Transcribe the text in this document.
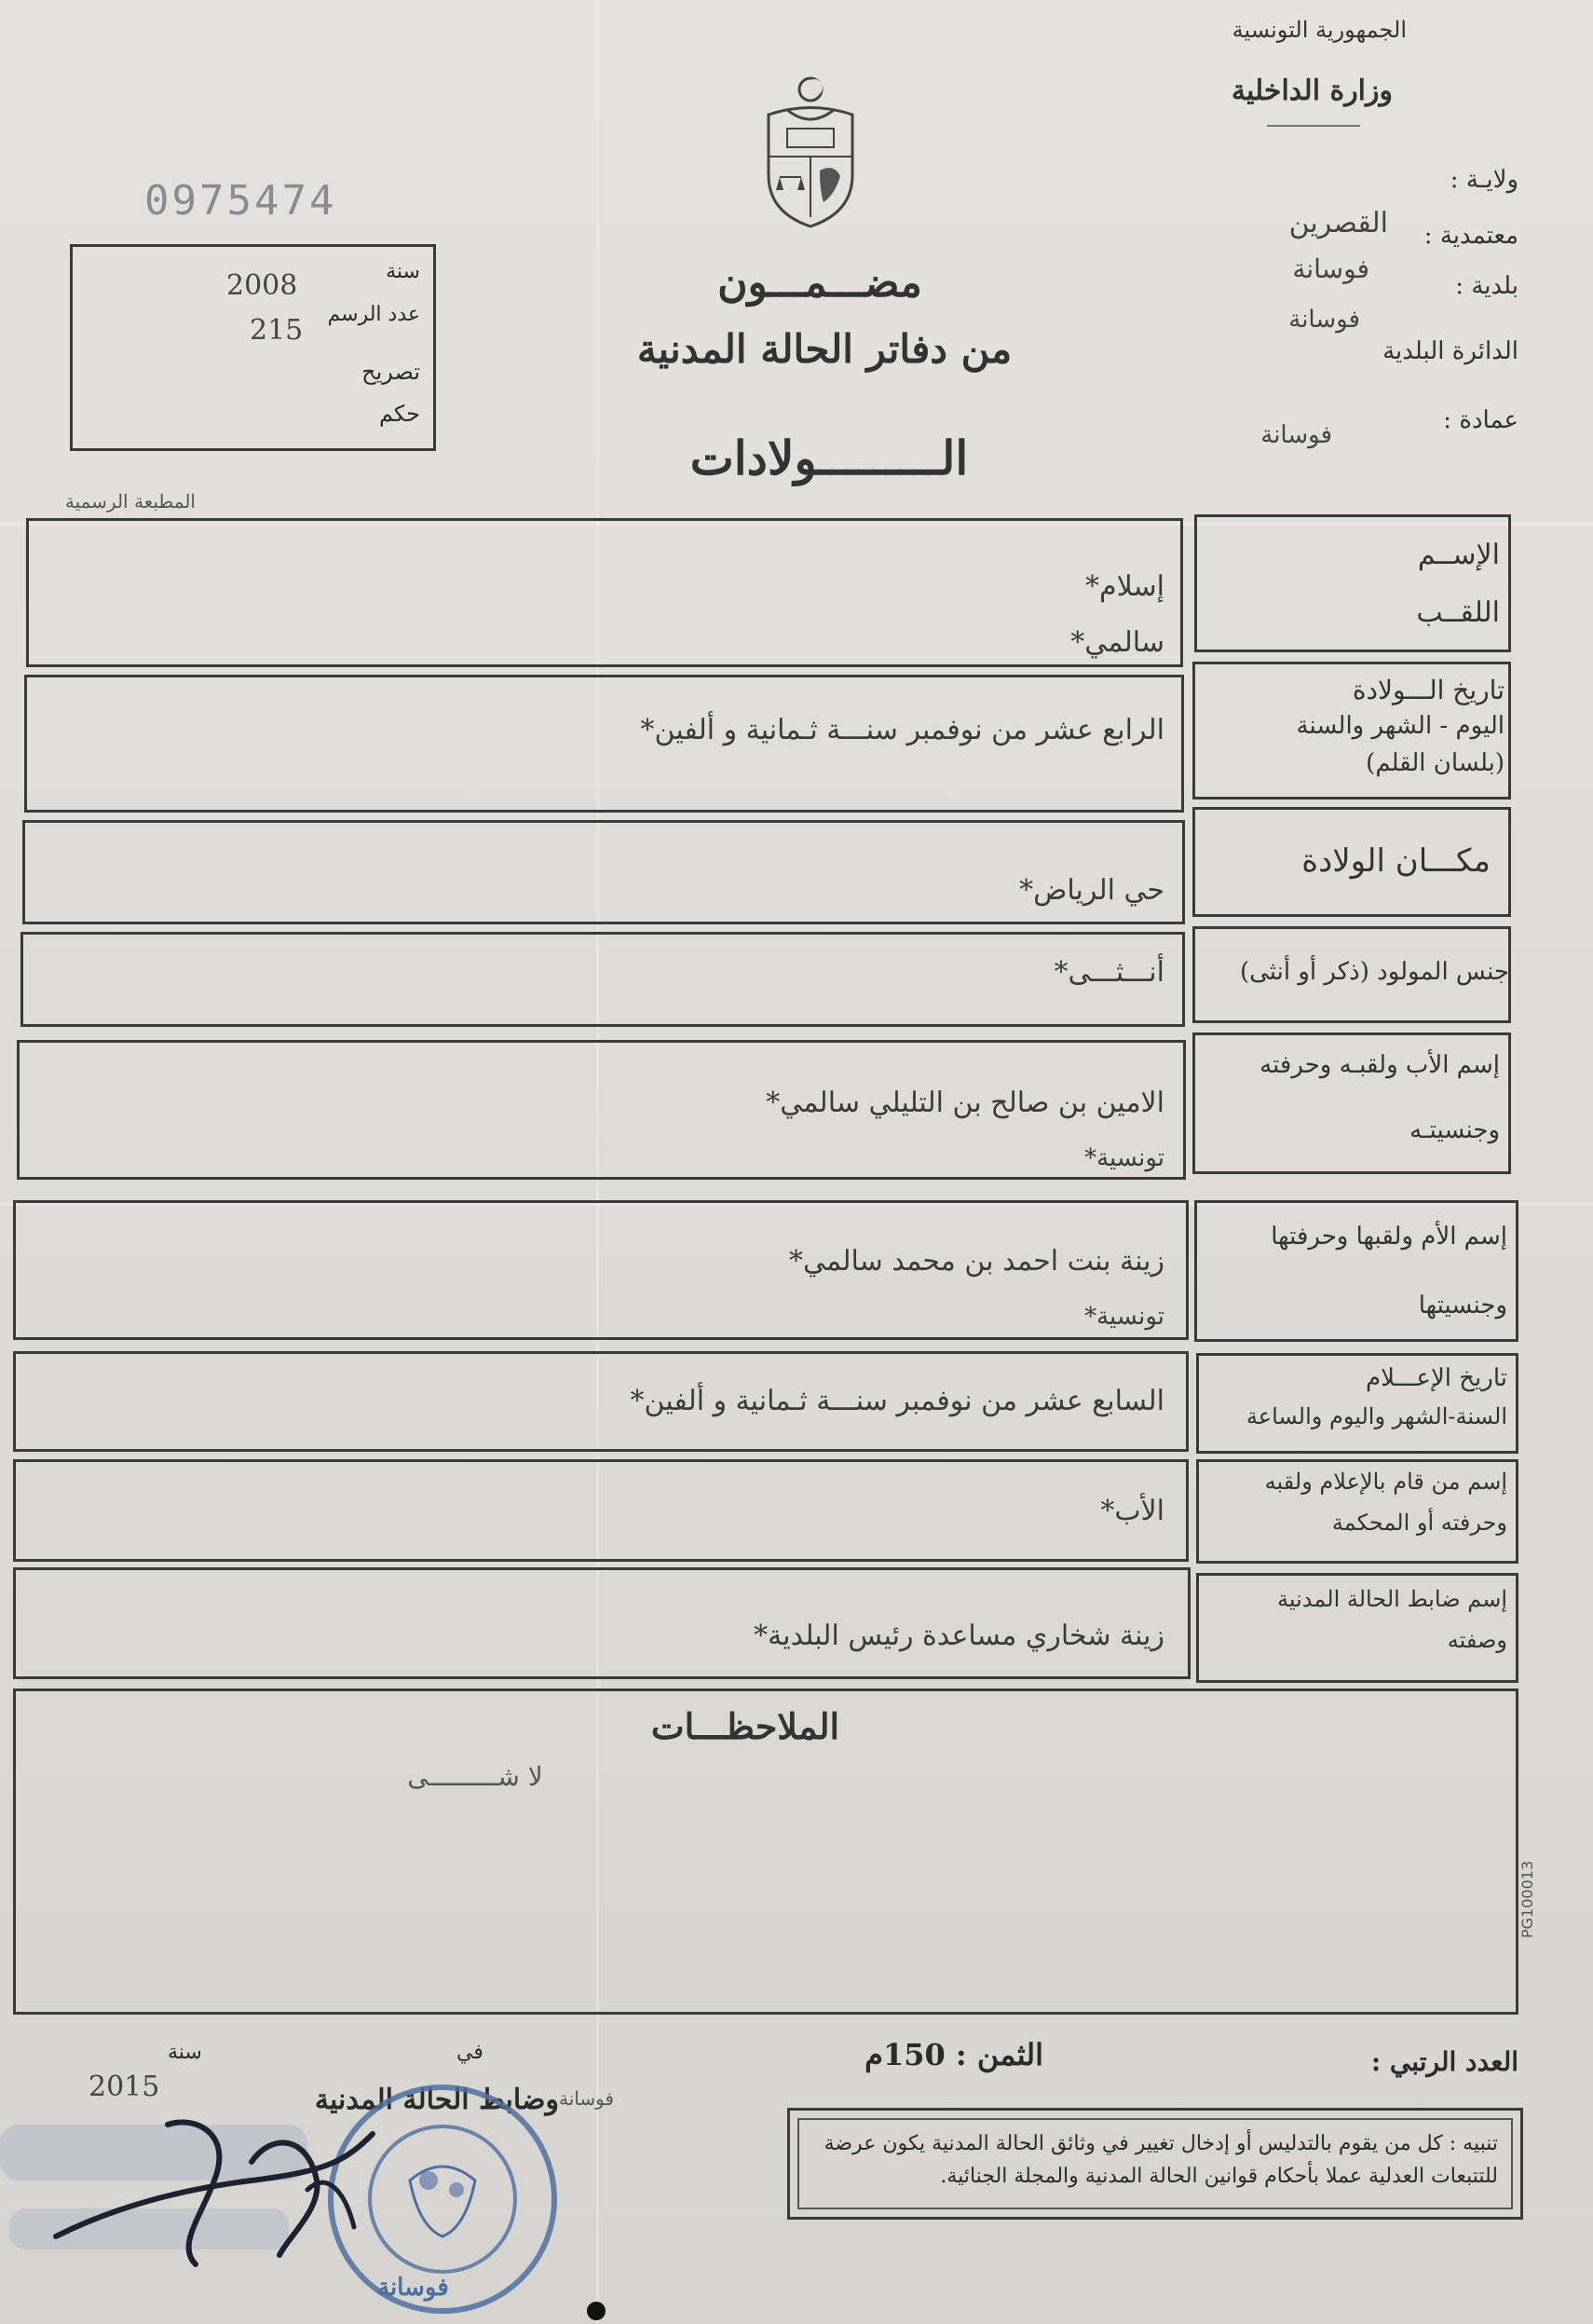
الجمهورية التونسية
وزارة الداخلية
ولايـة :
معتمدية :
القصرين
بلدية :
فوسانة
الدائرة البلدية
فوسانة
عمادة :
فوسانة
0975474
سنة
2008
عدد الرسم
215
تصريح
حكم
مضـــمـــون
من دفاتر الحالة المدنية
الـــــــــولادات
المطبعة الرسمية
الإســم
اللقــب
إسلام*
سالمي*
تاريخ الـــولادة
اليوم - الشهر والسنة
(بلسان القلم)
الرابع عشر من نوفمبر سنـــة ثـمانية و ألفين*
مكـــان الولادة
حي الرياض*
جنس المولود (ذكر أو أنثى)
أنـــثـــى*
إسم الأب ولقبـه وحرفته
وجنسيتـه
الامين بن صالح بن التليلي سالمي*
تونسية*
إسم الأم ولقبها وحرفتها
وجنسيتها
زينة بنت احمد بن محمد سالمي*
تونسية*
تاريخ الإعـــلام
السنة-الشهر واليوم والساعة
السابع عشر من نوفمبر سنـــة ثـمانية و ألفين*
إسم من قام بالإعلام ولقبه
وحرفته أو المحكمة
الأب*
إسم ضابط الحالة المدنية
وصفته
زينة شخاري مساعدة رئيس البلدية*
الملاحظـــات
لا شـــــــــى
PG100013
العدد الرتبي :
الثمن : 150م
في
سنة
2015	فوسانة
وضابط الحالة المدنية
تنبيه : كل من يقوم بالتدليس أو إدخال تغيير في وثائق الحالة المدنية يكون عرضة للتتبعات العدلية عملا بأحكام قوانين الحالة المدنية والمجلة الجنائية.
فوسانة
